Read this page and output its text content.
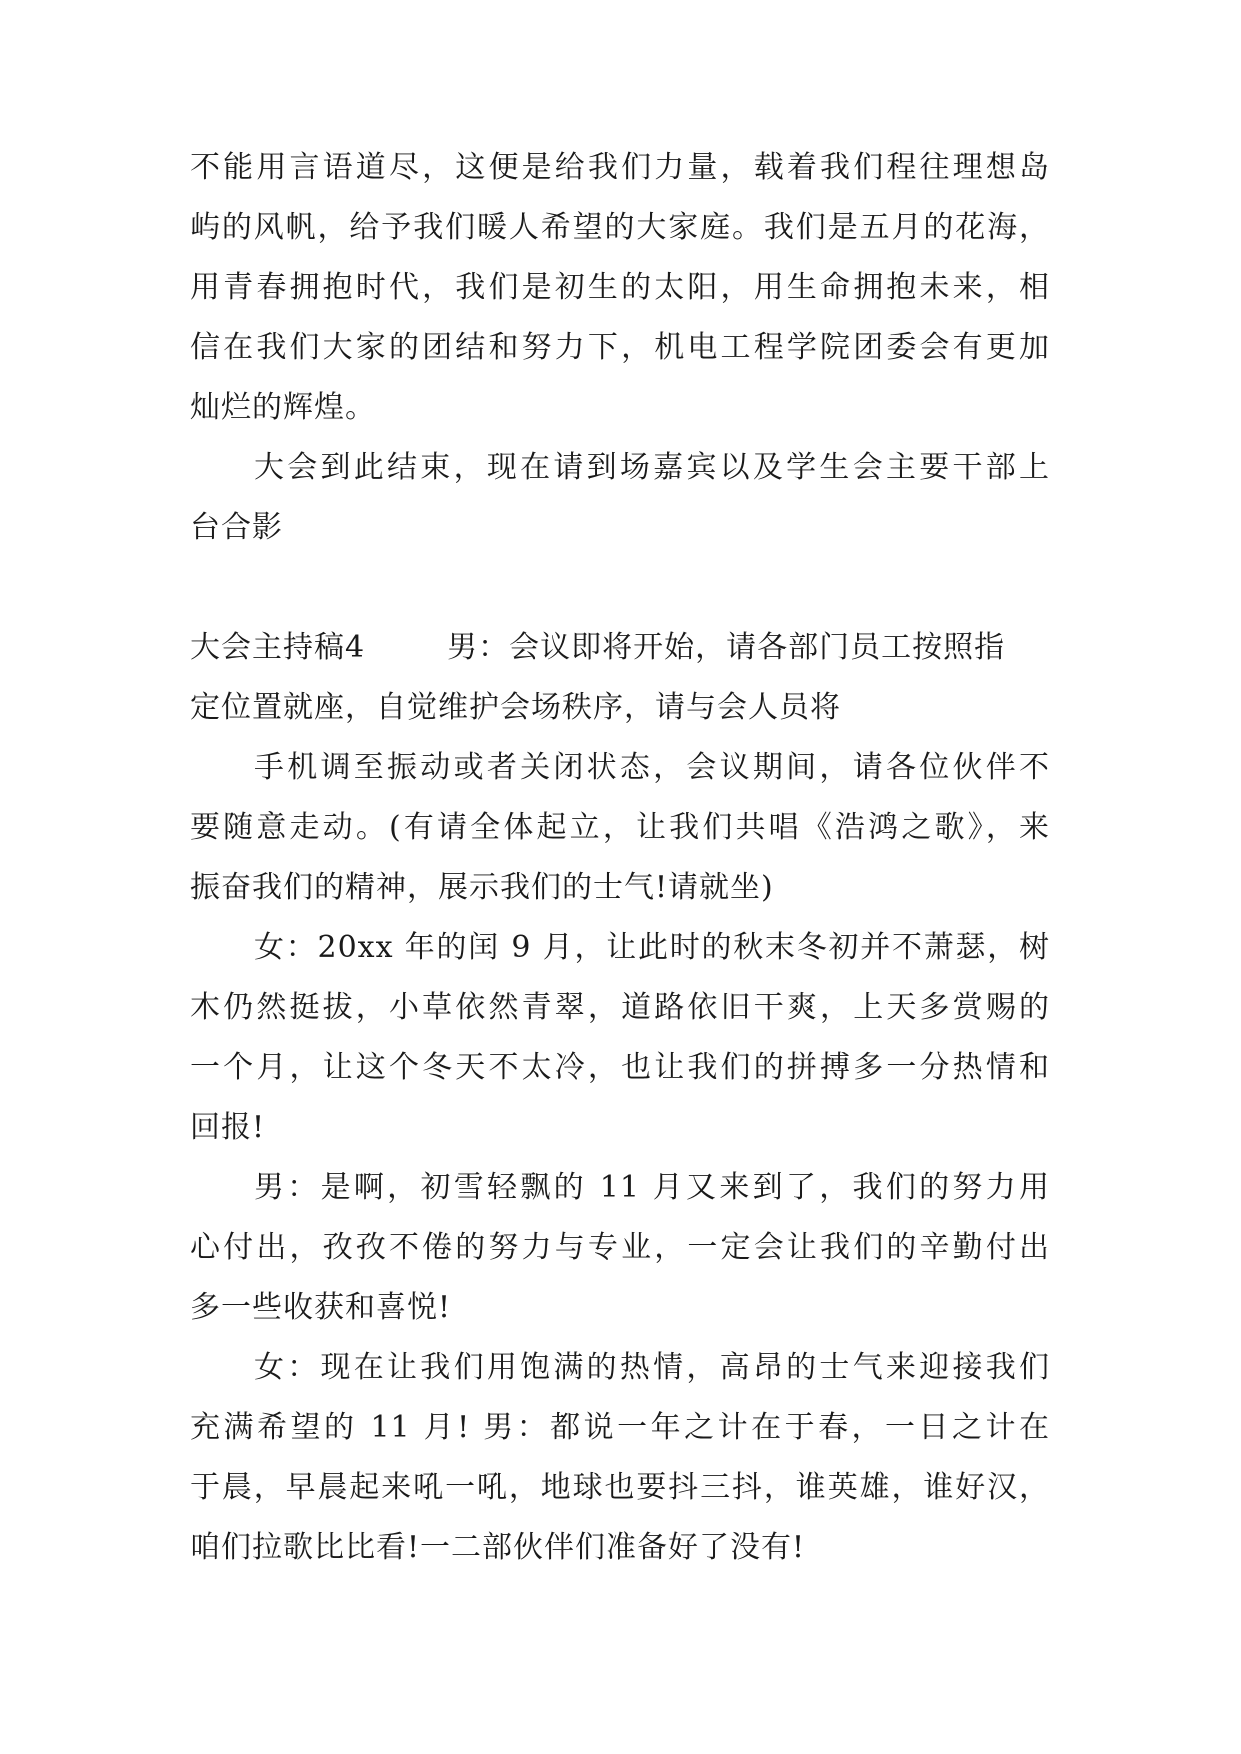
不能用言语道尽，这便是给我们力量，载着我们程往理想岛
屿的风帆，给予我们暖人希望的大家庭。我们是五月的花海，
用青春拥抱时代，我们是初生的太阳，用生命拥抱未来，相
信在我们大家的团结和努力下，机电工程学院团委会有更加
灿烂的辉煌。
大会到此结束，现在请到场嘉宾以及学生会主要干部上
台合影
大会主持稿4	男：会议即将开始，请各部门员工按照指
定位置就座，自觉维护会场秩序，请与会人员将
手机调至振动或者关闭状态，会议期间，请各位伙伴不
要随意走动。(有请全体起立，让我们共唱《浩鸿之歌》，来
振奋我们的精神，展示我们的士气!请就坐)
女：20xx 年的闰 9 月，让此时的秋末冬初并不萧瑟，树
木仍然挺拔，小草依然青翠，道路依旧干爽，上天多赏赐的
一个月，让这个冬天不太冷，也让我们的拼搏多一分热情和
回报!
男：是啊，初雪轻飘的 11 月又来到了，我们的努力用
心付出，孜孜不倦的努力与专业，一定会让我们的辛勤付出
多一些收获和喜悦!
女：现在让我们用饱满的热情，高昂的士气来迎接我们
充满希望的 11 月! 男：都说一年之计在于春，一日之计在
于晨，早晨起来吼一吼，地球也要抖三抖，谁英雄，谁好汉，
咱们拉歌比比看!一二部伙伴们准备好了没有!
